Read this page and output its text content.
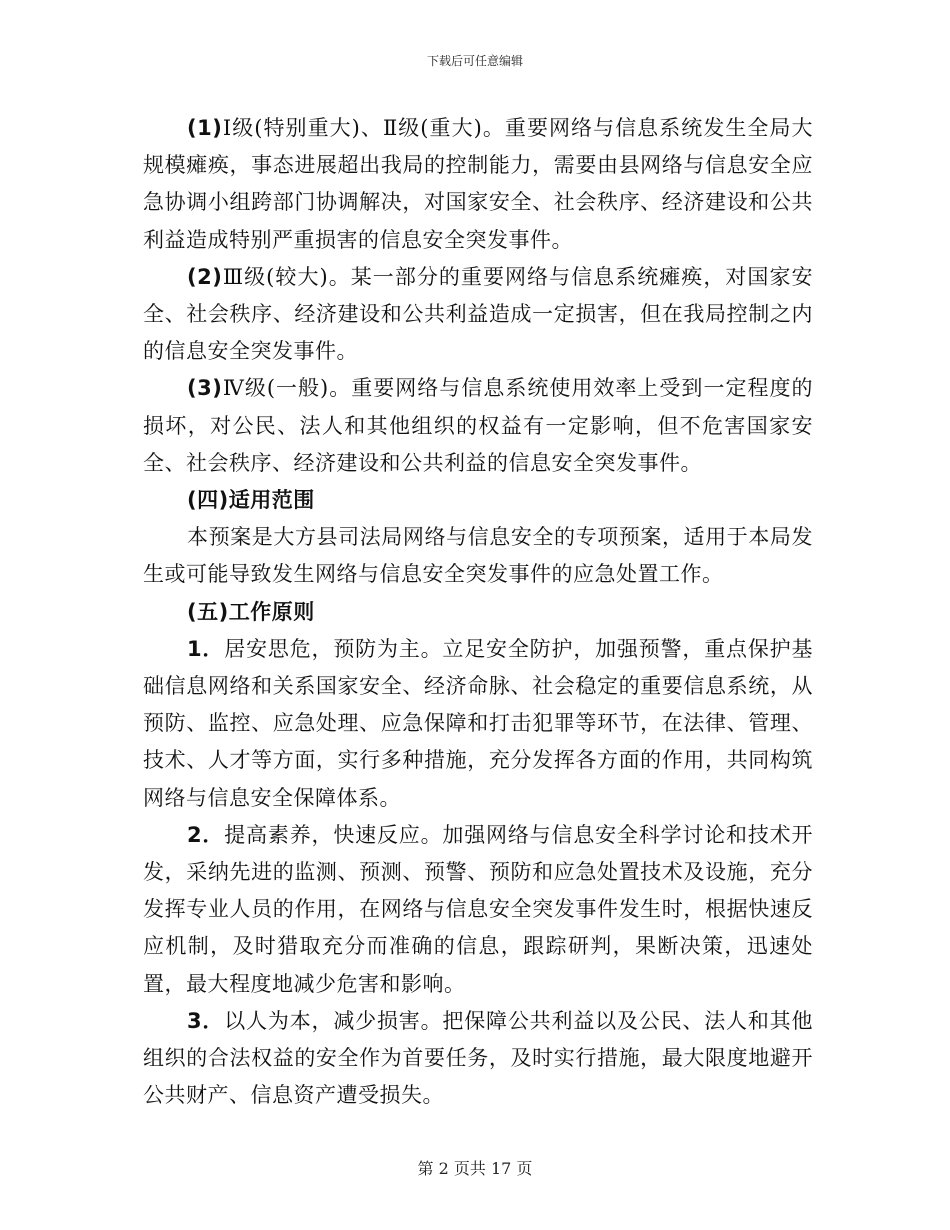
下载后可任意编辑

(1)Ⅰ级(特别重大)、Ⅱ级(重大)。重要网络与信息系统发生全局大规模瘫痪，事态进展超出我局的控制能力，需要由县网络与信息安全应急协调小组跨部门协调解决，对国家安全、社会秩序、经济建设和公共利益造成特别严重损害的信息安全突发事件。

(2)Ⅲ级(较大)。某一部分的重要网络与信息系统瘫痪，对国家安全、社会秩序、经济建设和公共利益造成一定损害，但在我局控制之内的信息安全突发事件。

(3)Ⅳ级(一般)。重要网络与信息系统使用效率上受到一定程度的损坏，对公民、法人和其他组织的权益有一定影响，但不危害国家安全、社会秩序、经济建设和公共利益的信息安全突发事件。

(四)适用范围

本预案是大方县司法局网络与信息安全的专项预案，适用于本局发生或可能导致发生网络与信息安全突发事件的应急处置工作。

(五)工作原则

1．居安思危，预防为主。立足安全防护，加强预警，重点保护基础信息网络和关系国家安全、经济命脉、社会稳定的重要信息系统，从预防、监控、应急处理、应急保障和打击犯罪等环节，在法律、管理、技术、人才等方面，实行多种措施，充分发挥各方面的作用，共同构筑网络与信息安全保障体系。

2．提高素养，快速反应。加强网络与信息安全科学讨论和技术开发，采纳先进的监测、预测、预警、预防和应急处置技术及设施，充分发挥专业人员的作用，在网络与信息安全突发事件发生时，根据快速反应机制，及时猎取充分而准确的信息，跟踪研判，果断决策，迅速处置，最大程度地减少危害和影响。

3．以人为本，减少损害。把保障公共利益以及公民、法人和其他组织的合法权益的安全作为首要任务，及时实行措施，最大限度地避开公共财产、信息资产遭受损失。

第 2 页共 17 页
